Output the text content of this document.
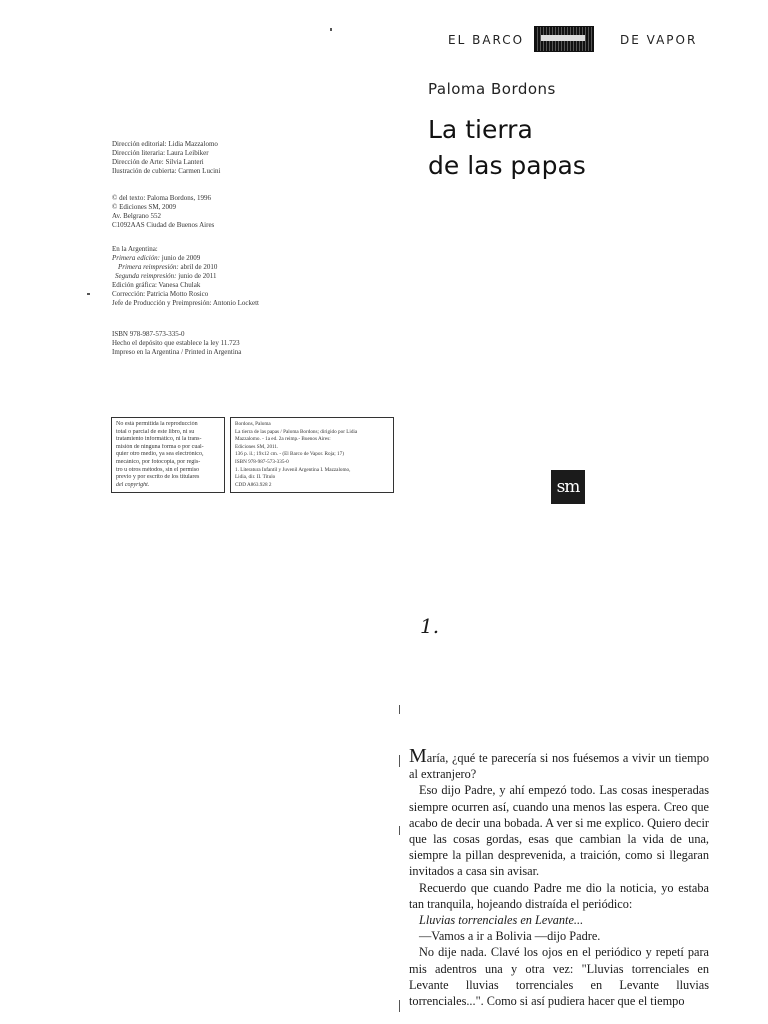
Dirección editorial: Lidia Mazzalomo
Dirección literaria: Laura Leibiker
Dirección de Arte: Silvia Lanteri
Ilustración de cubierta: Carmen Lucini
© del texto: Paloma Bordons, 1996
© Ediciones SM, 2009
Av. Belgrano 552
C1092AAS Ciudad de Buenos Aires
En la Argentina:
Primera edición: junio de 2009
Primera reimpresión: abril de 2010
Segunda reimpresión: junio de 2011
Edición gráfica: Vanesa Chulak
Corrección: Patricia Motto Rosico
Jefe de Producción y Preimpresión: Antonio Lockett
ISBN 978-987-573-335-0
Hecho el depósito que establece la ley 11.723
Impreso en la Argentina / Printed in Argentina
No está permitida la reproducción
total o parcial de este libro, ni su
tratamiento informático, ni la trans-
misión de ninguna forma o por cual-
quier otro medio, ya sea electrónico,
mecánico, por fotocopia, por regis-
tro u otros métodos, sin el permiso
previo y por escrito de los titulares
del copyright.
Bordons, Paloma
La tierra de las papas / Paloma Bordons; dirigido por Lidia
Mazzalomo. - 1a ed. 2a reimp.- Buenos Aires:
Ediciones SM, 2011.
136 p. il.; 19x12 cm. - (El Barco de Vapor. Roja; 17)
ISBN 978-987-573-335-0
1. Literatura Infantil y Juvenil Argentina I. Mazzalomo,
Lidia, dir. II. Título
CDD A863.928 2
EL BARCO	DE VAPOR
Paloma Bordons
La tierra
de las papas
sm
1.

María, ¿qué te parecería si nos fuésemos a vivir un tiempo al extranjero?

Eso dijo Padre, y ahí empezó todo. Las cosas inesperadas siempre ocurren así, cuando una menos las espera. Creo que acabo de decir una bobada. A ver si me explico. Quiero decir que las cosas gordas, esas que cambian la vida de una, siempre la pillan desprevenida, a traición, como si llegaran invitados a casa sin avisar.

Recuerdo que cuando Padre me dio la noticia, yo estaba tan tranquila, hojeando distraída el periódico:

Lluvias torrenciales en Levante...

—Vamos a ir a Bolivia —dijo Padre.

No dije nada. Clavé los ojos en el periódico y repetí para mis adentros una y otra vez: "Lluvias torrenciales en Levante lluvias torrenciales en Levante lluvias torrenciales...". Como si así pudiera hacer que el tiempo
